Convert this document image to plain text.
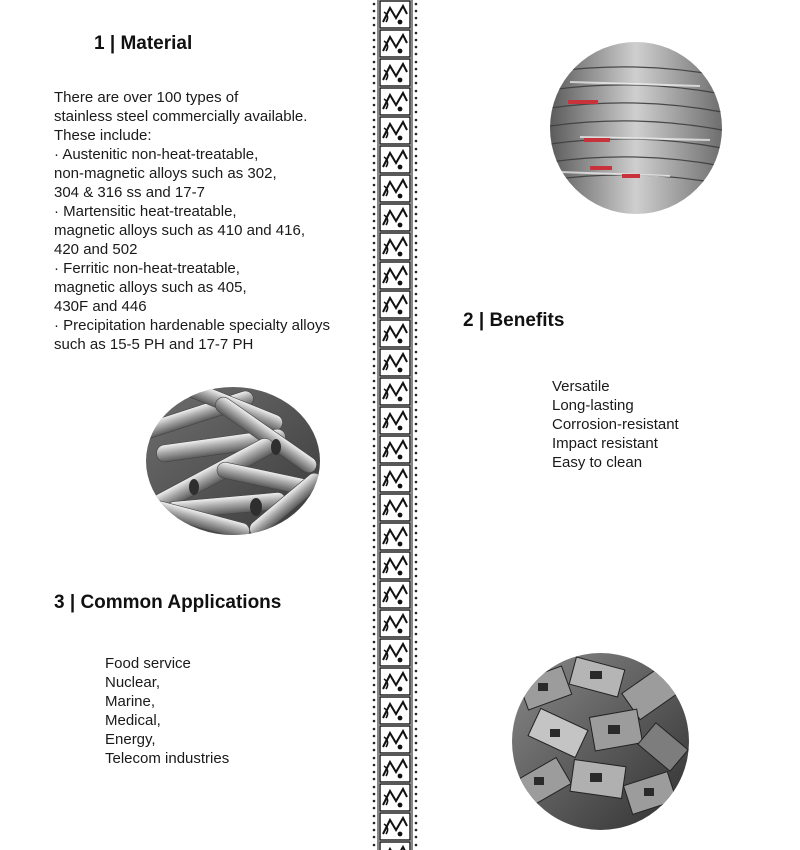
1 | Material
There are over 100 types of
stainless steel commercially available.
These include:
· Austenitic non-heat-treatable,
non-magnetic alloys such as 302,
304 & 316 ss and 17-7
· Martensitic heat-treatable,
magnetic alloys such as 410 and 416,
420 and 502
· Ferritic non-heat-treatable,
magnetic alloys such as 405,
430F and 446
· Precipitation hardenable specialty alloys
such as 15-5 PH and 17-7 PH
3 | Common Applications
Food service
Nuclear,
Marine,
Medical,
Energy,
Telecom industries
2 | Benefits
Versatile
Long-lasting
Corrosion-resistant
Impact resistant
Easy to clean
